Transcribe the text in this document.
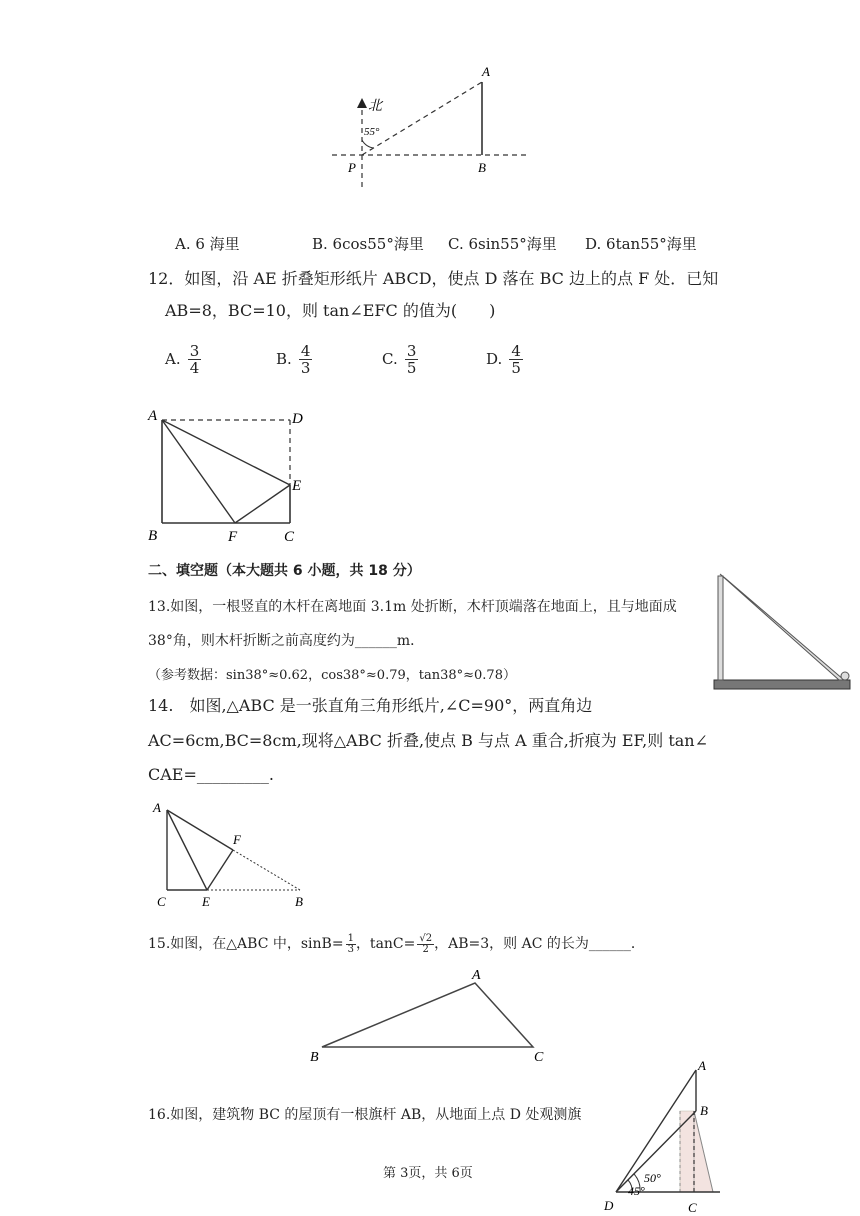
北
55°
A
B
P
A. 6 海里	B. 6cos55°海里 C. 6sin55°海里 D. 6tan55°海里
12．如图，沿 AE 折叠矩形纸片 ABCD，使点 D 落在 BC 边上的点 F 处．已知
AB=8，BC=10，则 tan∠EFC 的值为(　　)
A. $\frac{3}{4}$	B. $\frac{4}{3}$	C. $\frac{3}{5}$	D. $\frac{4}{5}$
A	D
E
B	F	C
二、填空题（本大题共 6 小题，共 18 分）
13.如图，一根竖直的木杆在离地面 3.1m 处折断，木杆顶端落在地面上，且与地面成
38°角，则木杆折断之前高度约为______m．
（参考数据：sin38°≈0.62，cos38°≈0.79，tan38°≈0.78）
14.　如图,△ABC 是一张直角三角形纸片,∠C=90°，两直角边
AC=6cm,BC=8cm,现将△ABC 折叠,使点 B 与点 A 重合,折痕为 EF,则 tan∠
CAE=_________.
A
F
C	E	B
15.如图，在△ABC 中，$\sin B= \frac{1}{3}$ ，$\tan C= \frac{√2}{2}$ ，AB=3，则 AC 的长为______．
A
B	C
16.如图，建筑物 BC 的屋顶有一根旗杆 AB，从地面上点 D 处观测旗
A
B
50°
45°
D	C
第 3页，共 6页
